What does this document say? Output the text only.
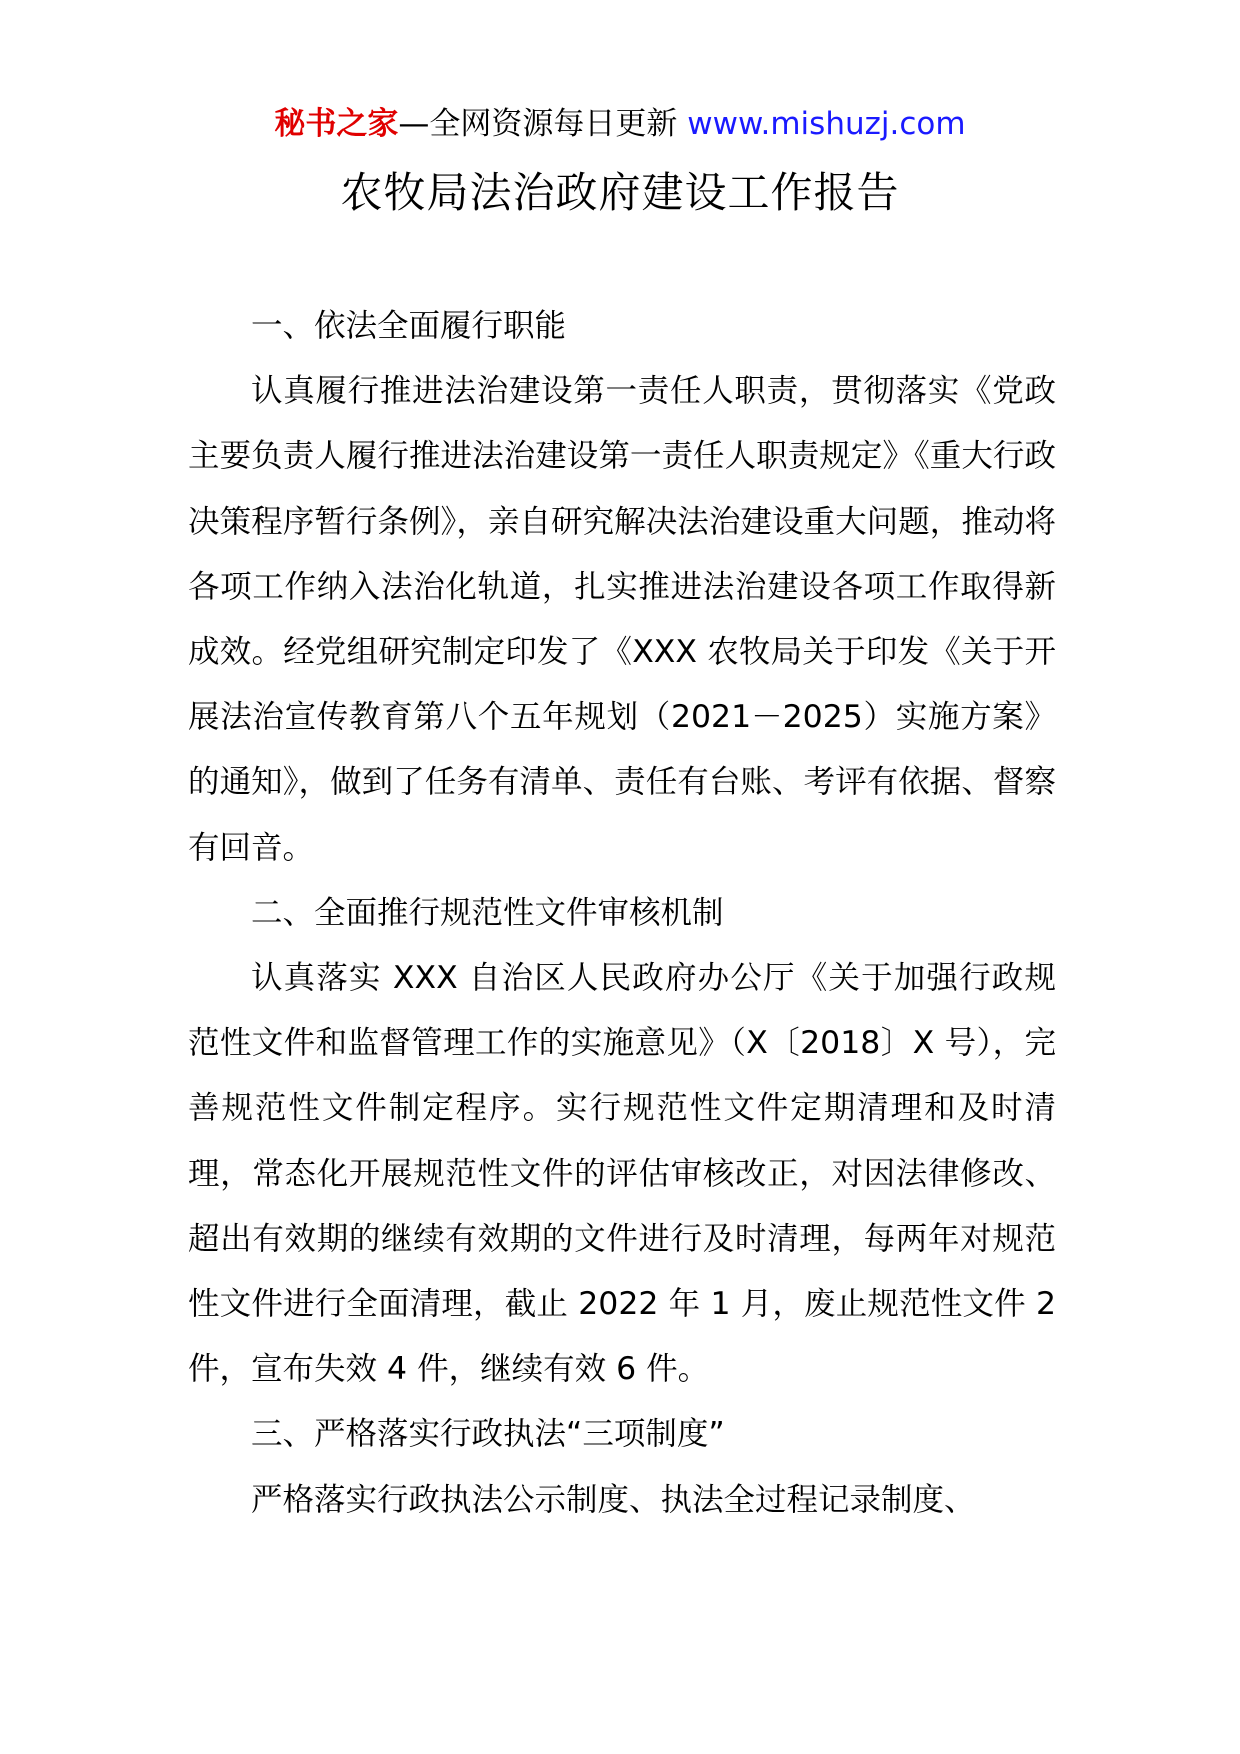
秘书之家—全网资源每日更新 www.mishuzj.com
农牧局法治政府建设工作报告

一、依法全面履行职能

认真履行推进法治建设第一责任人职责，贯彻落实《党政主要负责人履行推进法治建设第一责任人职责规定》《重大行政决策程序暂行条例》，亲自研究解决法治建设重大问题，推动将各项工作纳入法治化轨道，扎实推进法治建设各项工作取得新成效。经党组研究制定印发了《XXX 农牧局关于印发《关于开展法治宣传教育第八个五年规划（2021－2025）实施方案》的通知》，做到了任务有清单、责任有台账、考评有依据、督察有回音。

二、全面推行规范性文件审核机制

认真落实 XXX 自治区人民政府办公厅《关于加强行政规范性文件和监督管理工作的实施意见》（X〔2018〕X 号），完善规范性文件制定程序。实行规范性文件定期清理和及时清理，常态化开展规范性文件的评估审核改正，对因法律修改、超出有效期的继续有效期的文件进行及时清理，每两年对规范性文件进行全面清理，截止 2022 年 1 月，废止规范性文件 2 件，宣布失效 4 件，继续有效 6 件。

三、严格落实行政执法“三项制度”

严格落实行政执法公示制度、执法全过程记录制度、
